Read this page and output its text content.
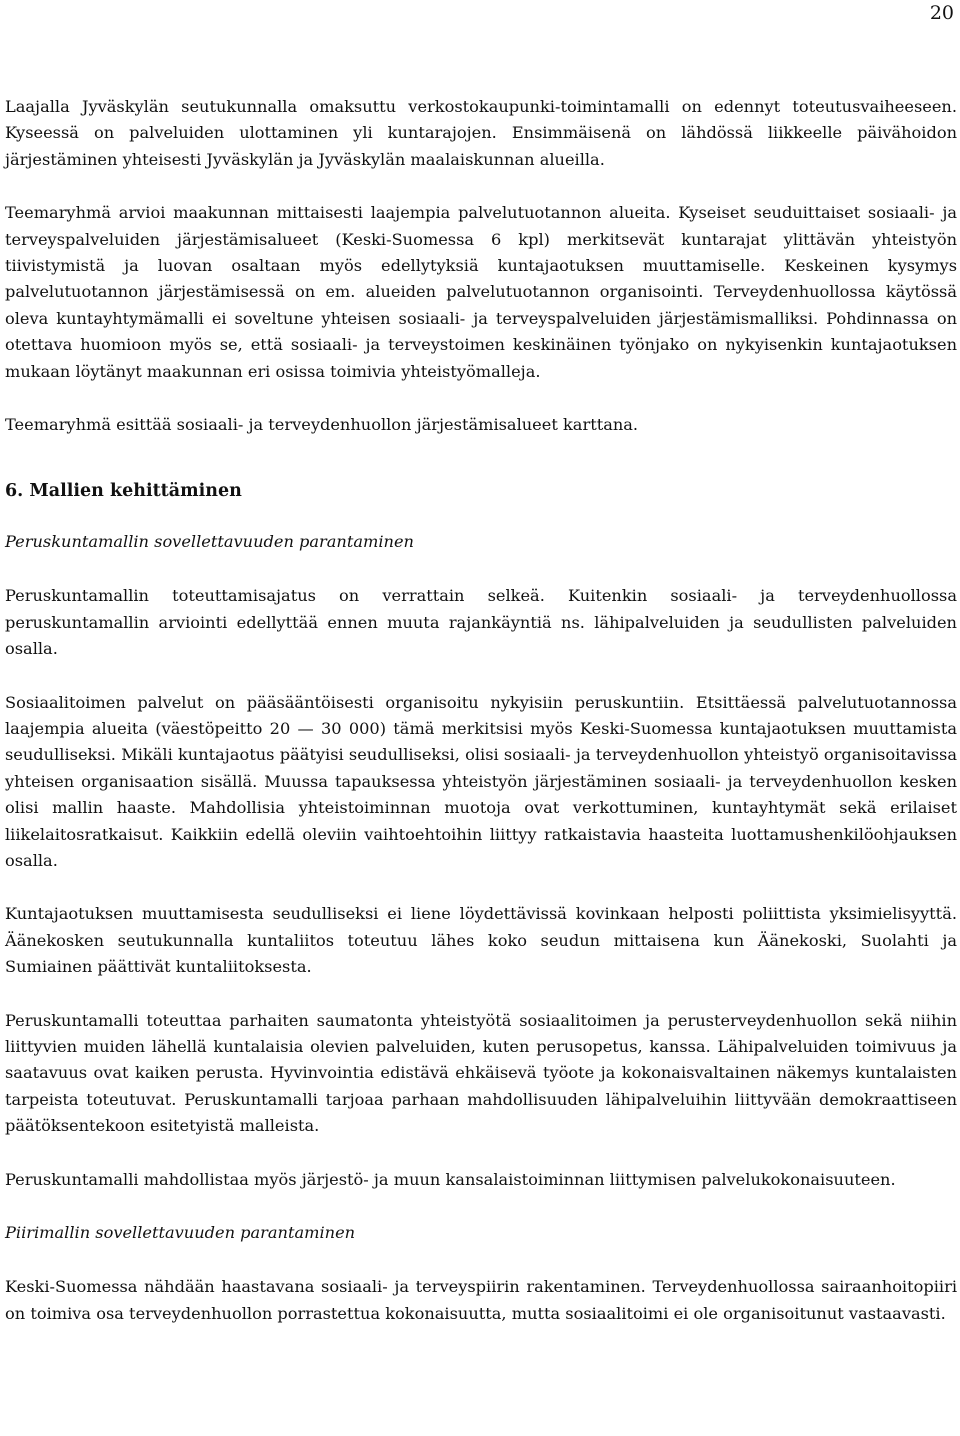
20

Laajalla Jyväskylän seutukunnalla omaksuttu verkostokaupunki-toimintamalli on edennyt toteutusvaiheeseen. Kyseessä on palveluiden ulottaminen yli kuntarajojen. Ensimmäisenä on lähdössä liikkeelle päivähoidon järjestäminen yhteisesti Jyväskylän ja Jyväskylän maalaiskunnan alueilla.

Teemaryhmä arvioi maakunnan mittaisesti laajempia palvelutuotannon alueita. Kyseiset seuduittaiset sosiaali- ja terveyspalveluiden järjestämisalueet (Keski-Suomessa 6 kpl) merkitsevät kuntarajat ylittävän yhteistyön tiivistymistä ja luovan osaltaan myös edellytyksiä kuntajaotuksen muuttamiselle. Keskeinen kysymys palvelutuotannon järjestämisessä on em. alueiden palvelutuotannon organisointi. Terveydenhuollossa käytössä oleva kuntayhtymämalli ei soveltune yhteisen sosiaali- ja terveyspalveluiden järjestämismalliksi. Pohdinnassa on otettava huomioon myös se, että sosiaali- ja terveystoimen keskinäinen työnjako on nykyisenkin kuntajaotuksen mukaan löytänyt maakunnan eri osissa toimivia yhteistyömalleja.

Teemaryhmä esittää sosiaali- ja terveydenhuollon järjestämisalueet karttana.

6. Mallien kehittäminen
Peruskuntamallin sovellettavuuden parantaminen

Peruskuntamallin toteuttamisajatus on verrattain selkeä. Kuitenkin sosiaali- ja terveydenhuollossa peruskuntamallin arviointi edellyttää ennen muuta rajankäyntiä ns. lähipalveluiden ja seudullisten palveluiden osalla.

Sosiaalitoimen palvelut on pääsääntöisesti organisoitu nykyisiin peruskuntiin. Etsittäessä palvelutuotannossa laajempia alueita (väestöpeitto 20 — 30 000) tämä merkitsisi myös Keski-Suomessa kuntajaotuksen muuttamista seudulliseksi. Mikäli kuntajaotus päätyisi seudulliseksi, olisi sosiaali- ja terveydenhuollon yhteistyö organisoitavissa yhteisen organisaation sisällä. Muussa tapauksessa yhteistyön järjestäminen sosiaali- ja terveydenhuollon kesken olisi mallin haaste. Mahdollisia yhteistoiminnan muotoja ovat verkottuminen, kuntayhtymät sekä erilaiset liikelaitosratkaisut. Kaikkiin edellä oleviin vaihtoehtoihin liittyy ratkaistavia haasteita luottamushenkilöohjauksen osalla.

Kuntajaotuksen muuttamisesta seudulliseksi ei liene löydettävissä kovinkaan helposti poliittista yksimielisyyttä. Äänekosken seutukunnalla kuntaliitos toteutuu lähes koko seudun mittaisena kun Äänekoski, Suolahti ja Sumiainen päättivät kuntaliitoksesta.

Peruskuntamalli toteuttaa parhaiten saumatonta yhteistyötä sosiaalitoimen ja perusterveydenhuollon sekä niihin liittyvien muiden lähellä kuntalaisia olevien palveluiden, kuten perusopetus, kanssa. Lähipalveluiden toimivuus ja saatavuus ovat kaiken perusta. Hyvinvointia edistävä ehkäisevä työote ja kokonaisvaltainen näkemys kuntalaisten tarpeista toteutuvat. Peruskuntamalli tarjoaa parhaan mahdollisuuden lähipalveluihin liittyvään demokraattiseen päätöksentekoon esitetyistä malleista.

Peruskuntamalli mahdollistaa myös järjestö- ja muun kansalaistoiminnan liittymisen palvelukokonaisuuteen.

Piirimallin sovellettavuuden parantaminen

Keski-Suomessa nähdään haastavana sosiaali- ja terveyspiirin rakentaminen. Terveydenhuollossa sairaanhoitopiiri on toimiva osa terveydenhuollon porrastettua kokonaisuutta, mutta sosiaalitoimi ei ole organisoitunut vastaavasti.
